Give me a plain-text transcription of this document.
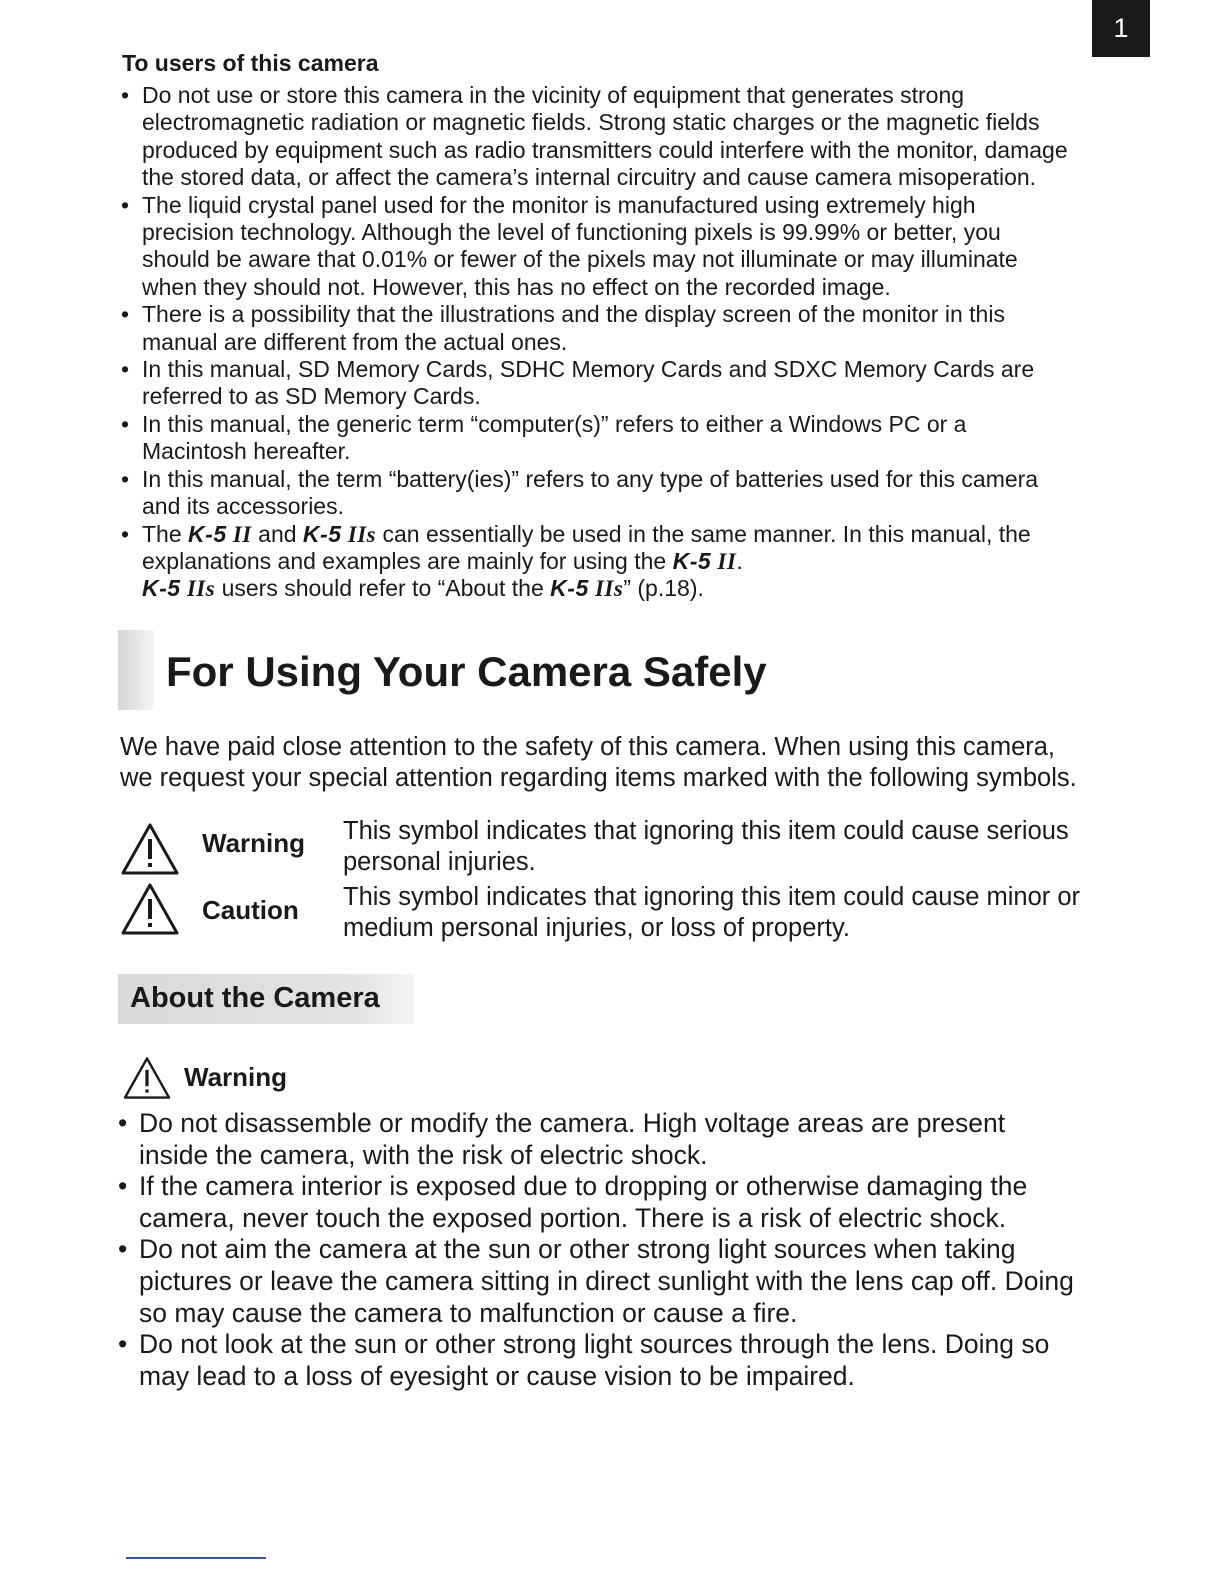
1
To users of this camera
• Do not use or store this camera in the vicinity of equipment that generates strong electromagnetic radiation or magnetic fields. Strong static charges or the magnetic fields produced by equipment such as radio transmitters could interfere with the monitor, damage the stored data, or affect the camera’s internal circuitry and cause camera misoperation.
• The liquid crystal panel used for the monitor is manufactured using extremely high precision technology. Although the level of functioning pixels is 99.99% or better, you should be aware that 0.01% or fewer of the pixels may not illuminate or may illuminate when they should not. However, this has no effect on the recorded image.
• There is a possibility that the illustrations and the display screen of the monitor in this manual are different from the actual ones.
• In this manual, SD Memory Cards, SDHC Memory Cards and SDXC Memory Cards are referred to as SD Memory Cards.
• In this manual, the generic term “computer(s)” refers to either a Windows PC or a Macintosh hereafter.
• In this manual, the term “battery(ies)” refers to any type of batteries used for this camera and its accessories.
• The K-5 II and K-5 IIs can essentially be used in the same manner. In this manual, the explanations and examples are mainly for using the K-5 II.
K-5 IIs users should refer to “About the K-5 IIs” (p.18).
For Using Your Camera Safely

We have paid close attention to the safety of this camera. When using this camera, we request your special attention regarding items marked with the following symbols.

Warning This symbol indicates that ignoring this item could cause serious personal injuries.

Caution This symbol indicates that ignoring this item could cause minor or medium personal injuries, or loss of property.

About the Camera
Warning
• Do not disassemble or modify the camera. High voltage areas are present inside the camera, with the risk of electric shock.
• If the camera interior is exposed due to dropping or otherwise damaging the camera, never touch the exposed portion. There is a risk of electric shock.
• Do not aim the camera at the sun or other strong light sources when taking pictures or leave the camera sitting in direct sunlight with the lens cap off. Doing so may cause the camera to malfunction or cause a fire.
• Do not look at the sun or other strong light sources through the lens. Doing so may lead to a loss of eyesight or cause vision to be impaired.
